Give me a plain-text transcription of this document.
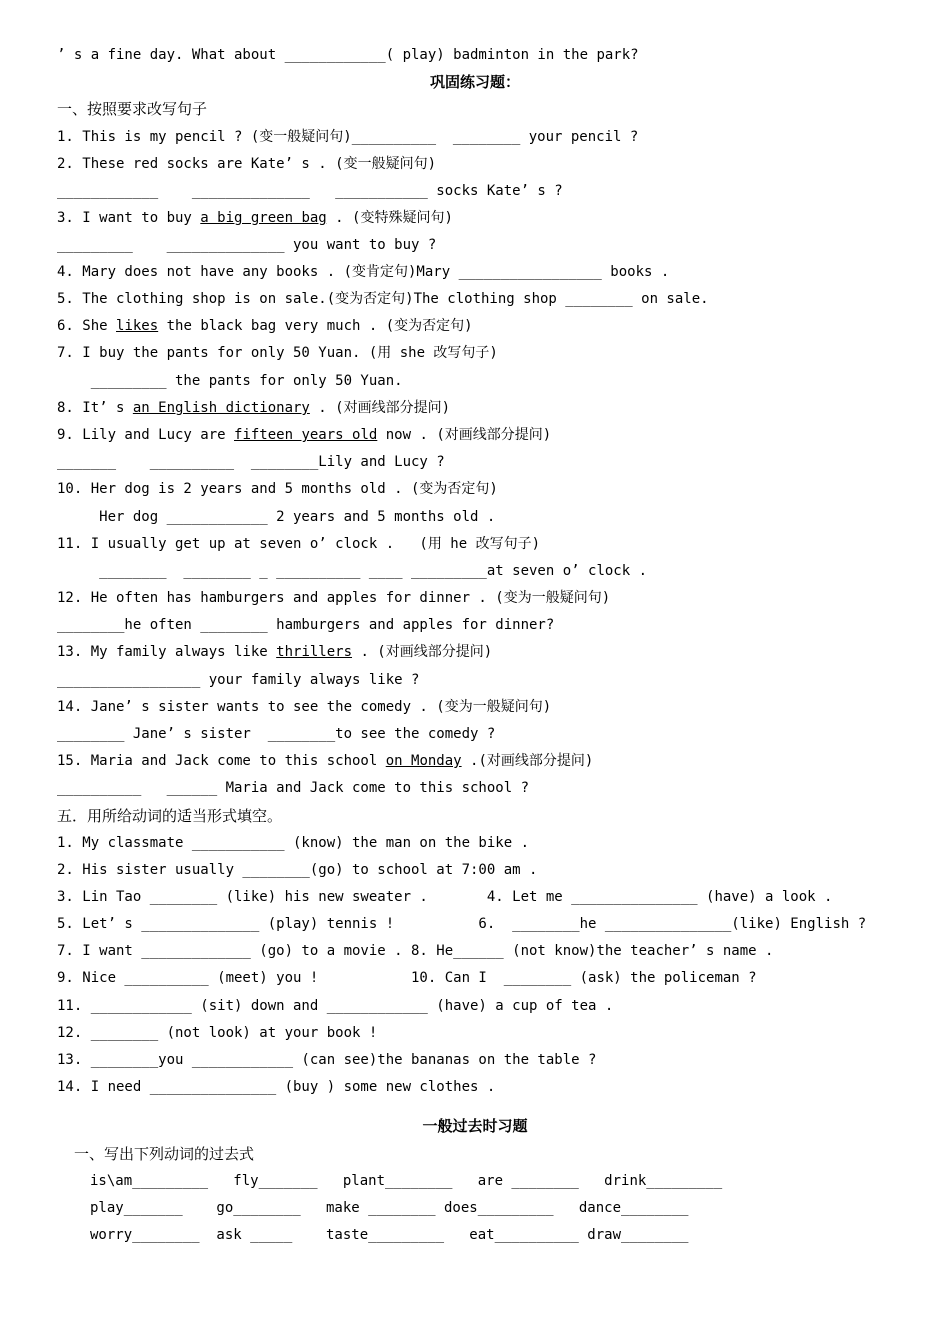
巩固练习题：
一般过去时习题
一、按照要求改写句子
五．用所给动词的适当形式填空。
一、写出下列动词的过去式
’ s a fine day. What about ____________( play) badminton in the park?
1. This is my pencil ? (变一般疑问句)__________  ________ your pencil ?
2. These red socks are Kate’ s . (变一般疑问句)
____________    ______________   ___________ socks Kate’ s ?
3. I want to buy a big green bag . (变特殊疑问句)
_________    ______________ you want to buy ?
4. Mary does not have any books . (变肯定句)Mary _________________ books .
5. The clothing shop is on sale.(变为否定句)The clothing shop ________ on sale.
6. She likes the black bag very much . (变为否定句)
7. I buy the pants for only 50 Yuan. (用 she 改写句子)
_________ the pants for only 50 Yuan.
8. It’ s an English dictionary . (对画线部分提问)
9. Lily and Lucy are fifteen years old now . (对画线部分提问)
_______    __________  ________Lily and Lucy ?
10. Her dog is 2 years and 5 months old . (变为否定句)
Her dog ____________ 2 years and 5 months old .
11. I usually get up at seven o’ clock .   (用 he 改写句子)
________  ________ _ __________ ____ _________at seven o’ clock .
12. He often has hamburgers and apples for dinner . (变为一般疑问句)
________he often ________ hamburgers and apples for dinner?
13. My family always like thrillers . (对画线部分提问)
_________________ your family always like ?
14. Jane’ s sister wants to see the comedy . (变为一般疑问句)
________ Jane’ s sister  ________to see the comedy ?
15. Maria and Jack come to this school on Monday .(对画线部分提问)
__________   ______ Maria and Jack come to this school ?
1. My classmate ___________ (know) the man on the bike .
2. His sister usually ________(go) to school at 7:00 am .
3. Lin Tao ________ (like) his new sweater .       4. Let me _______________ (have) a look .
5. Let’ s ______________ (play) tennis !          6.  ________he _______________(like) English ?
7. I want _____________ (go) to a movie . 8. He______ (not know)the teacher’ s name .
9. Nice __________ (meet) you !           10. Can I  ________ (ask) the policeman ?
11. ____________ (sit) down and ____________ (have) a cup of tea .
12. ________ (not look) at your book !
13. ________you ____________ (can see)the bananas on the table ?
14. I need _______________ (buy ) some new clothes .
is\am_________   fly_______   plant________   are ________   drink_________
play_______    go________   make ________ does_________   dance________
worry________  ask _____    taste_________   eat__________ draw________
